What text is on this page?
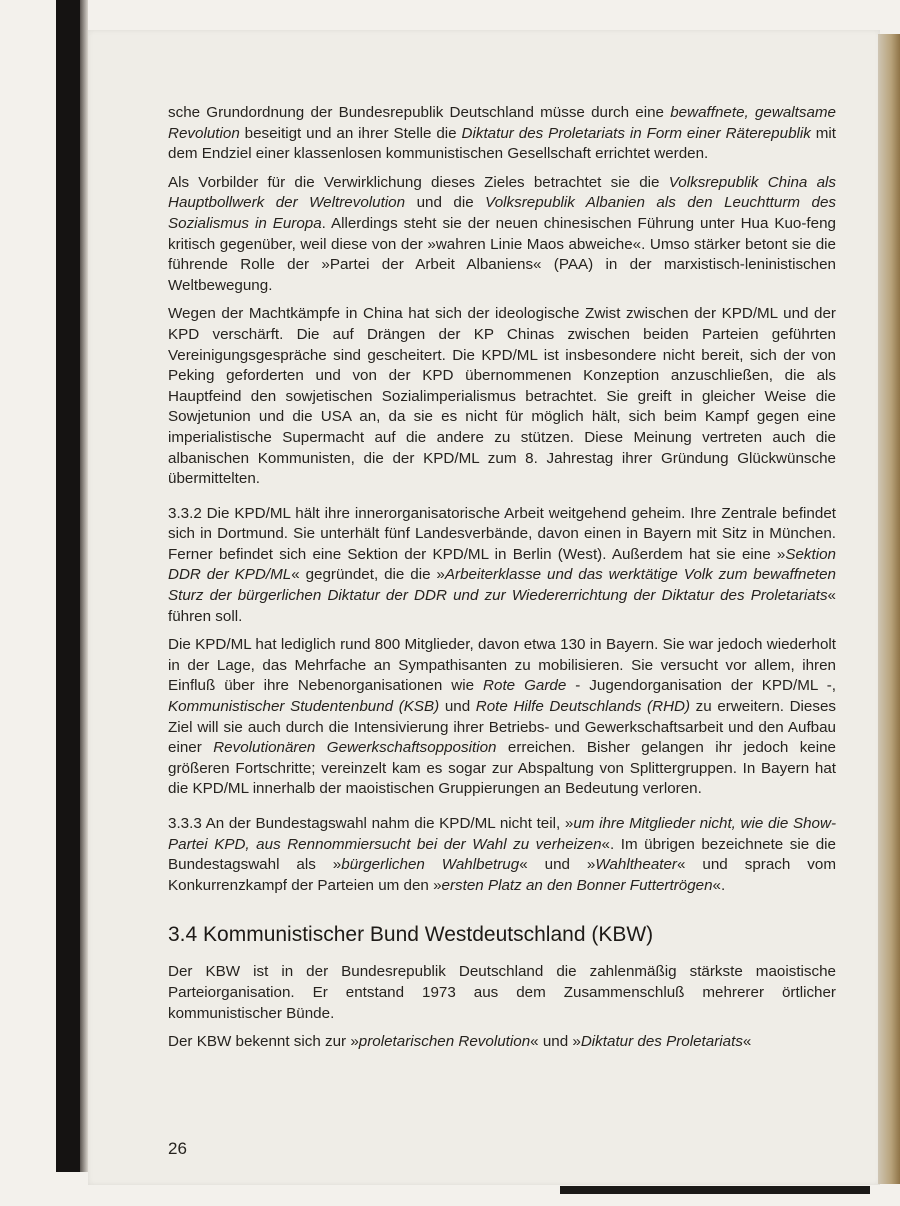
sche Grundordnung der Bundesrepublik Deutschland müsse durch eine bewaffnete, gewaltsame Revolution beseitigt und an ihrer Stelle die Diktatur des Proletariats in Form einer Räterepublik mit dem Endziel einer klassenlosen kommunistischen Gesellschaft errichtet werden.

Als Vorbilder für die Verwirklichung dieses Zieles betrachtet sie die Volksrepublik China als Hauptbollwerk der Weltrevolution und die Volksrepublik Albanien als den Leuchtturm des Sozialismus in Europa. Allerdings steht sie der neuen chinesischen Führung unter Hua Kuo-feng kritisch gegenüber, weil diese von der »wahren Linie Maos abweiche«. Umso stärker betont sie die führende Rolle der »Partei der Arbeit Albaniens« (PAA) in der marxistisch-leninistischen Weltbewegung.

Wegen der Machtkämpfe in China hat sich der ideologische Zwist zwischen der KPD/ML und der KPD verschärft. Die auf Drängen der KP Chinas zwischen beiden Parteien geführten Vereinigungsgespräche sind gescheitert. Die KPD/ML ist insbesondere nicht bereit, sich der von Peking geforderten und von der KPD übernommenen Konzeption anzuschließen, die als Hauptfeind den sowjetischen Sozialimperialismus betrachtet. Sie greift in gleicher Weise die Sowjetunion und die USA an, da sie es nicht für möglich hält, sich beim Kampf gegen eine imperialistische Supermacht auf die andere zu stützen. Diese Meinung vertreten auch die albanischen Kommunisten, die der KPD/ML zum 8. Jahrestag ihrer Gründung Glückwünsche übermittelten.

3.3.2 Die KPD/ML hält ihre innerorganisatorische Arbeit weitgehend geheim. Ihre Zentrale befindet sich in Dortmund. Sie unterhält fünf Landesverbände, davon einen in Bayern mit Sitz in München. Ferner befindet sich eine Sektion der KPD/ML in Berlin (West). Außerdem hat sie eine »Sektion DDR der KPD/ML« gegründet, die die »Arbeiterklasse und das werktätige Volk zum bewaffneten Sturz der bürgerlichen Diktatur der DDR und zur Wiedererrichtung der Diktatur des Proletariats« führen soll.

Die KPD/ML hat lediglich rund 800 Mitglieder, davon etwa 130 in Bayern. Sie war jedoch wiederholt in der Lage, das Mehrfache an Sympathisanten zu mobilisieren. Sie versucht vor allem, ihren Einfluß über ihre Nebenorganisationen wie Rote Garde - Jugendorganisation der KPD/ML -, Kommunistischer Studentenbund (KSB) und Rote Hilfe Deutschlands (RHD) zu erweitern. Dieses Ziel will sie auch durch die Intensivierung ihrer Betriebs- und Gewerkschaftsarbeit und den Aufbau einer Revolutionären Gewerkschaftsopposition erreichen. Bisher gelangen ihr jedoch keine größeren Fortschritte; vereinzelt kam es sogar zur Abspaltung von Splittergruppen. In Bayern hat die KPD/ML innerhalb der maoistischen Gruppierungen an Bedeutung verloren.

3.3.3 An der Bundestagswahl nahm die KPD/ML nicht teil, »um ihre Mitglieder nicht, wie die Show-Partei KPD, aus Rennommiersucht bei der Wahl zu verheizen«. Im übrigen bezeichnete sie die Bundestagswahl als »bürgerlichen Wahlbetrug« und »Wahltheater« und sprach vom Konkurrenzkampf der Parteien um den »ersten Platz an den Bonner Futtertrögen«.

3.4 Kommunistischer Bund Westdeutschland (KBW)

Der KBW ist in der Bundesrepublik Deutschland die zahlenmäßig stärkste maoistische Parteiorganisation. Er entstand 1973 aus dem Zusammenschluß mehrerer örtlicher kommunistischer Bünde.

Der KBW bekennt sich zur »proletarischen Revolution« und »Diktatur des Proletariats«

26
